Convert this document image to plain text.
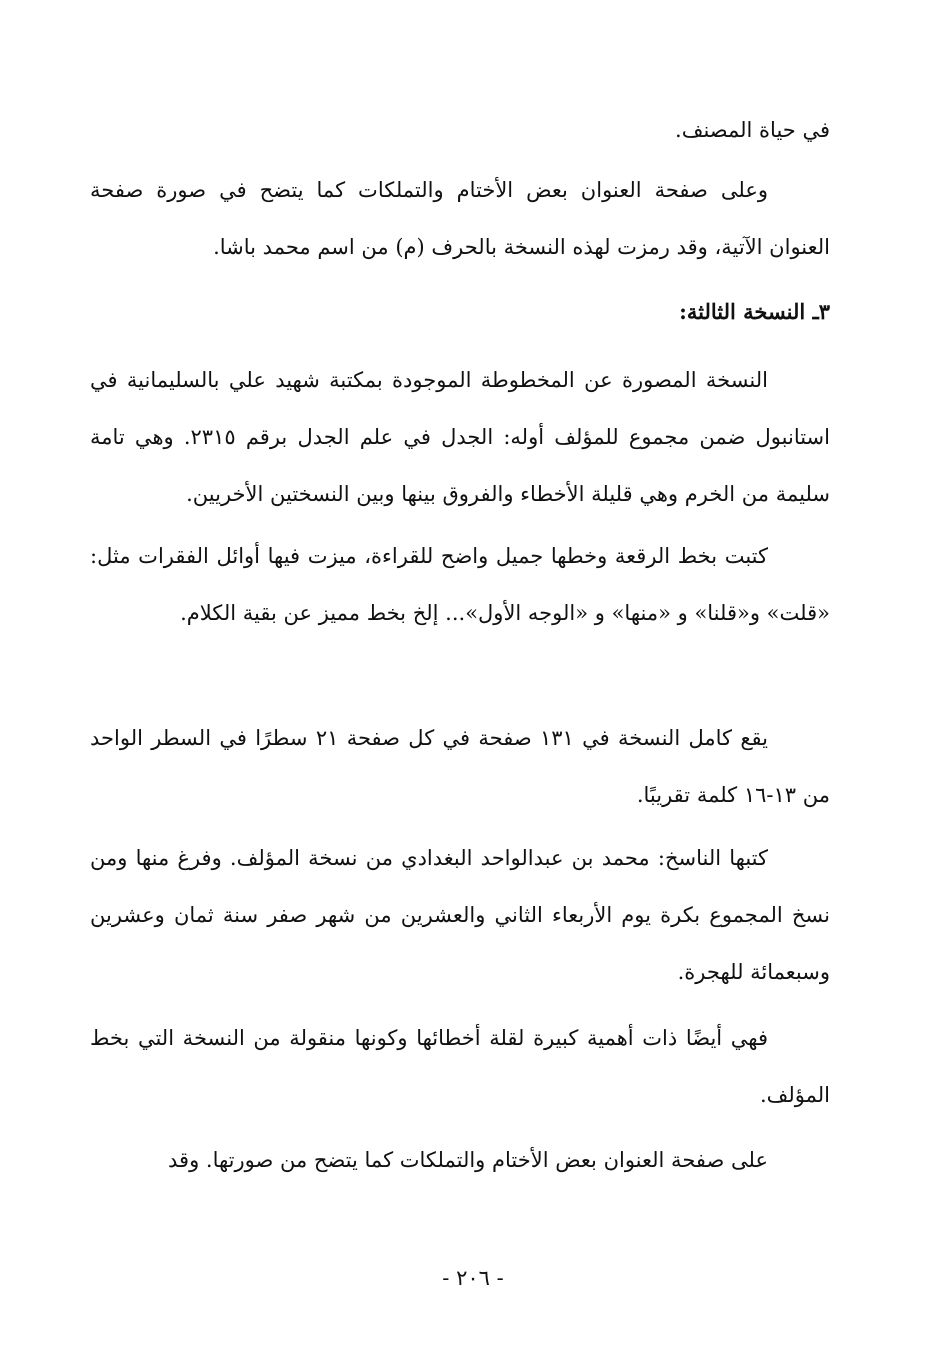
في حياة المصنف.

وعلى صفحة العنوان بعض الأختام والتملكات كما يتضح في صورة صفحة العنوان الآتية، وقد رمزت لهذه النسخة بالحرف (م) من اسم محمد باشا.

٣ـ النسخة الثالثة:

النسخة المصورة عن المخطوطة الموجودة بمكتبة شهيد علي بالسليمانية في استانبول ضمن مجموع للمؤلف أوله: الجدل في علم الجدل برقم ٢٣١٥. وهي تامة سليمة من الخرم وهي قليلة الأخطاء والفروق بينها وبين النسختين الأخريين.

كتبت بخط الرقعة وخطها جميل واضح للقراءة، ميزت فيها أوائل الفقرات مثل: «قلت» و«قلنا» و «منها» و «الوجه الأول»... إلخ بخط مميز عن بقية الكلام.

يقع كامل النسخة في ١٣١ صفحة في كل صفحة ٢١ سطرًا في السطر الواحد من ١٣-١٦ كلمة تقريبًا.

كتبها الناسخ: محمد بن عبدالواحد البغدادي من نسخة المؤلف. وفرغ منها ومن نسخ المجموع بكرة يوم الأربعاء الثاني والعشرين من شهر صفر سنة ثمان وعشرين وسبعمائة للهجرة.

فهي أيضًا ذات أهمية كبيرة لقلة أخطائها وكونها منقولة من النسخة التي بخط المؤلف.

على صفحة العنوان بعض الأختام والتملكات كما يتضح من صورتها. وقد

- ٢٠٦ -
